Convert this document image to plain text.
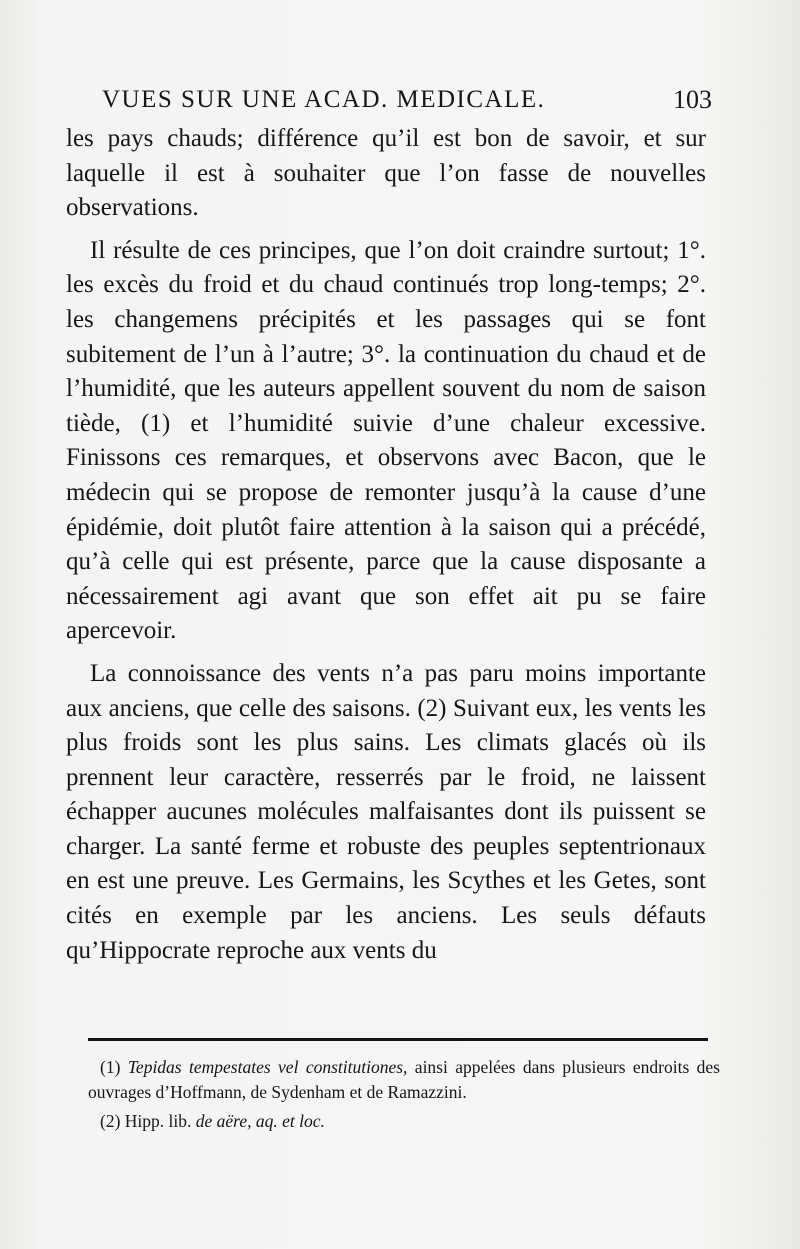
VUES SUR UNE ACAD. MEDICALE.	103

les pays chauds; différence qu’il est bon de savoir, et sur laquelle il est à souhaiter que l’on fasse de nouvelles observations.

Il résulte de ces principes, que l’on doit craindre surtout; 1°. les excès du froid et du chaud continués trop long-temps; 2°. les changemens précipités et les passages qui se font subitement de l’un à l’autre; 3°. la continuation du chaud et de l’humidité, que les auteurs appellent souvent du nom de saison tiède, (1) et l’humidité suivie d’une chaleur excessive. Finissons ces remarques, et observons avec Bacon, que le médecin qui se propose de remonter jusqu’à la cause d’une épidémie, doit plutôt faire attention à la saison qui a précédé, qu’à celle qui est présente, parce que la cause disposante a nécessairement agi avant que son effet ait pu se faire apercevoir.

La connoissance des vents n’a pas paru moins importante aux anciens, que celle des saisons. (2) Suivant eux, les vents les plus froids sont les plus sains. Les climats glacés où ils prennent leur caractère, resserrés par le froid, ne laissent échapper aucunes molécules malfaisantes dont ils puissent se charger. La santé ferme et robuste des peuples septentrionaux en est une preuve. Les Germains, les Scythes et les Getes, sont cités en exemple par les anciens. Les seuls défauts qu’Hippocrate reproche aux vents du

(1) Tepidas tempestates vel constitutiones, ainsi appelées dans plusieurs endroits des ouvrages d’Hoffmann, de Sydenham et de Ramazzini.

(2) Hipp. lib. de aëre, aq. et loc.
